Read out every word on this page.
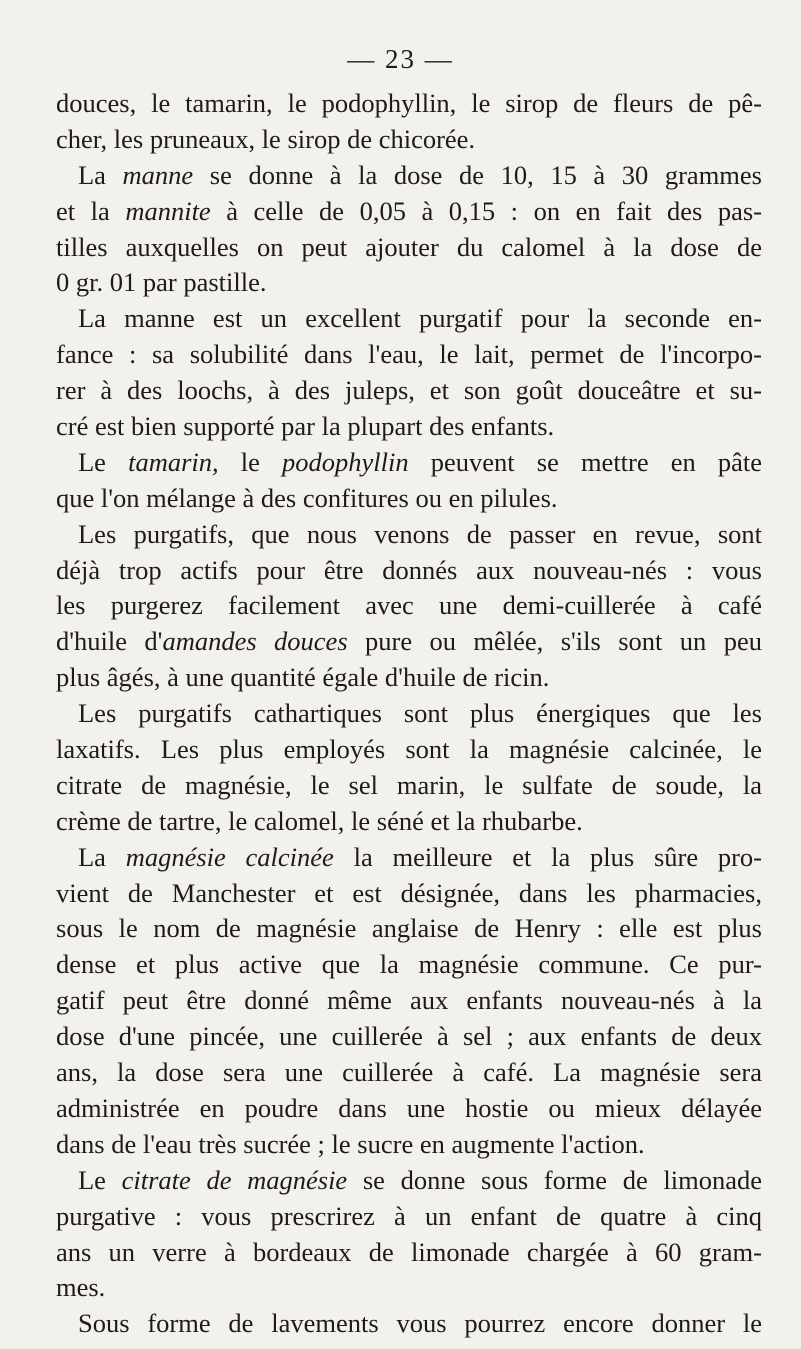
— 23 —
douces, le tamarin, le podophyllin, le sirop de fleurs de pê-
cher, les pruneaux, le sirop de chicorée.
La manne se donne à la dose de 10, 15 à 30 grammes
et la mannite à celle de 0,05 à 0,15 : on en fait des pas-
tilles auxquelles on peut ajouter du calomel à la dose de
0 gr. 01 par pastille.
La manne est un excellent purgatif pour la seconde en-
fance : sa solubilité dans l'eau, le lait, permet de l'incorpo-
rer à des loochs, à des juleps, et son goût douceâtre et su-
cré est bien supporté par la plupart des enfants.
Le tamarin, le podophyllin peuvent se mettre en pâte
que l'on mélange à des confitures ou en pilules.
Les purgatifs, que nous venons de passer en revue, sont
déjà trop actifs pour être donnés aux nouveau-nés : vous
les purgerez facilement avec une demi-cuillerée à café
d'huile d'amandes douces pure ou mêlée, s'ils sont un peu
plus âgés, à une quantité égale d'huile de ricin.
Les purgatifs cathartiques sont plus énergiques que les
laxatifs. Les plus employés sont la magnésie calcinée, le
citrate de magnésie, le sel marin, le sulfate de soude, la
crème de tartre, le calomel, le séné et la rhubarbe.
La magnésie calcinée la meilleure et la plus sûre pro-
vient de Manchester et est désignée, dans les pharmacies,
sous le nom de magnésie anglaise de Henry : elle est plus
dense et plus active que la magnésie commune. Ce pur-
gatif peut être donné même aux enfants nouveau-nés à la
dose d'une pincée, une cuillerée à sel ; aux enfants de deux
ans, la dose sera une cuillerée à café. La magnésie sera
administrée en poudre dans une hostie ou mieux délayée
dans de l'eau très sucrée ; le sucre en augmente l'action.
Le citrate de magnésie se donne sous forme de limonade
purgative : vous prescrirez à un enfant de quatre à cinq
ans un verre à bordeaux de limonade chargée à 60 gram-
mes.
Sous forme de lavements vous pourrez encore donner le
